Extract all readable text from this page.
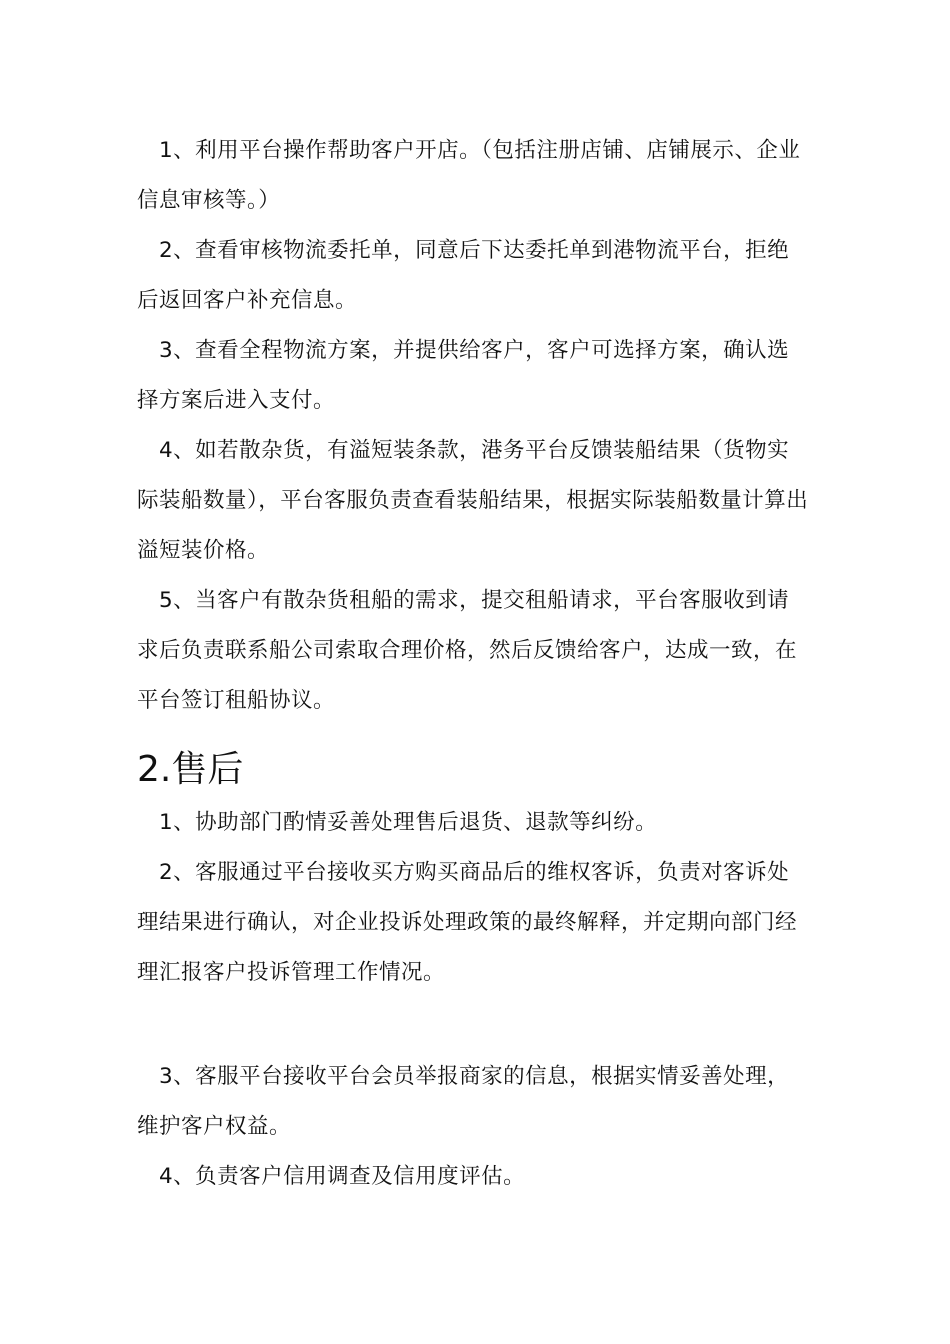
1、利用平台操作帮助客户开店。（包括注册店铺、店铺展示、企业信息审核等。）

2、查看审核物流委托单，同意后下达委托单到港物流平台，拒绝后返回客户补充信息。

3、查看全程物流方案，并提供给客户，客户可选择方案，确认选择方案后进入支付。

4、如若散杂货，有溢短装条款，港务平台反馈装船结果（货物实际装船数量），平台客服负责查看装船结果，根据实际装船数量计算出溢短装价格。

5、当客户有散杂货租船的需求，提交租船请求，平台客服收到请求后负责联系船公司索取合理价格，然后反馈给客户，达成一致，在平台签订租船协议。

2.售后

1、协助部门酌情妥善处理售后退货、退款等纠纷。

2、客服通过平台接收买方购买商品后的维权客诉，负责对客诉处理结果进行确认，对企业投诉处理政策的最终解释，并定期向部门经理汇报客户投诉管理工作情况。

3、客服平台接收平台会员举报商家的信息，根据实情妥善处理，维护客户权益。

4、负责客户信用调查及信用度评估。
